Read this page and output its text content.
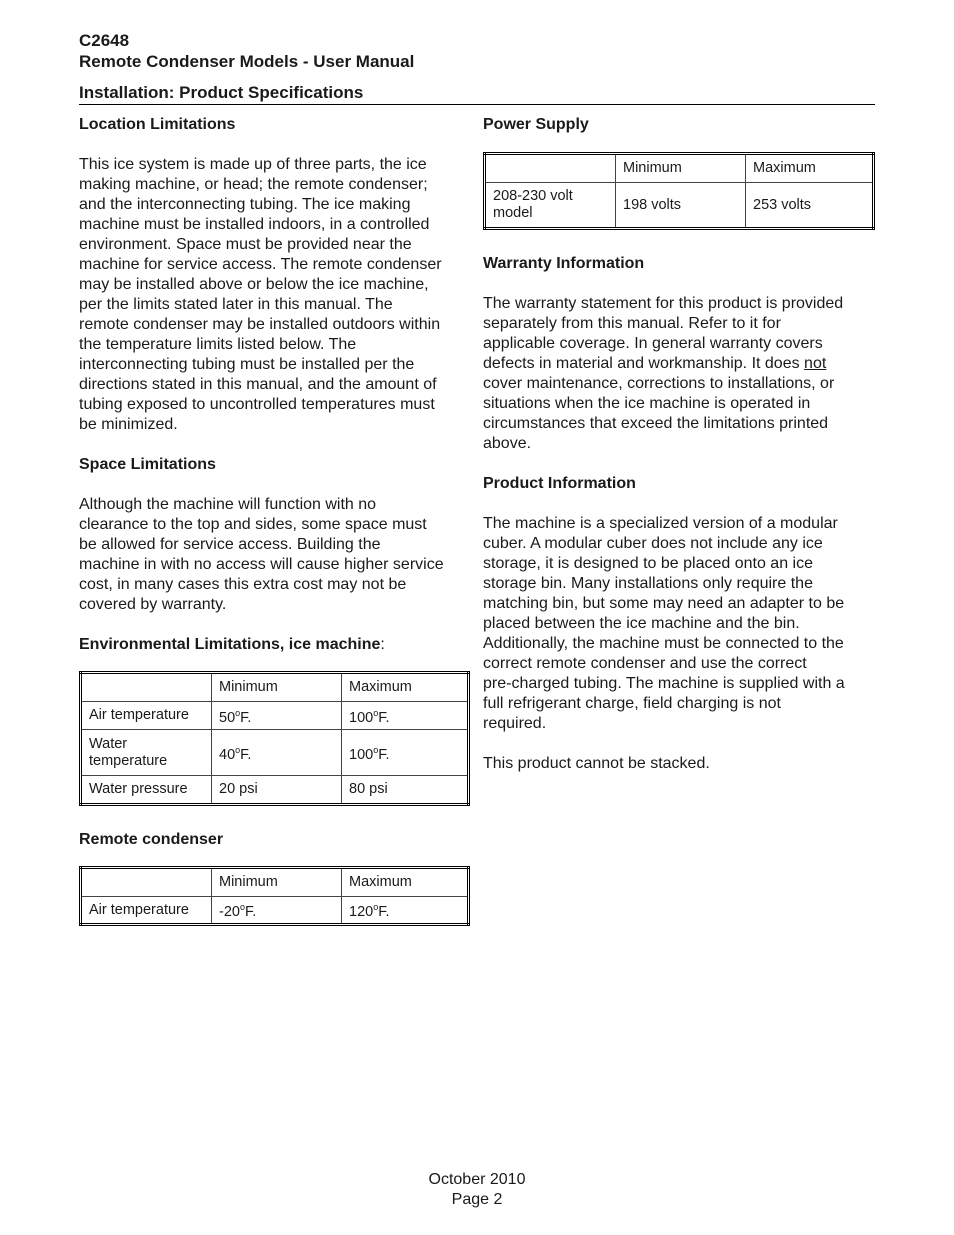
C2648
Remote Condenser Models - User Manual
Installation: Product Specifications
Location Limitations

This ice system is made up of three parts, the ice

making machine, or head; the remote condenser;

and the interconnecting tubing. The ice making

machine must be installed indoors, in a controlled

environment. Space must be provided near the

machine for service access. The remote condenser

may be installed above or below the ice machine,

per the limits stated later in this manual. The

remote condenser may be installed outdoors within

the temperature limits listed below. The

interconnecting tubing must be installed per the

directions stated in this manual, and the amount of

tubing exposed to uncontrolled temperatures must

be minimized.

Space Limitations

Although the machine will function with no

clearance to the top and sides, some space must

be allowed for service access. Building the

machine in with no access will cause higher service

cost, in many cases this extra cost may not be

covered by warranty.

Environmental Limitations, ice machine:
	Minimum	Maximum
Air temperature	50$^o$F.	100$^o$F.
Water temperature	40$^o$F.	100$^o$F.
Water pressure	20 psi	80 psi
Remote condenser
	Minimum	Maximum
Air temperature	-20$^o$F.	120$^o$F.
Power Supply
	Minimum	Maximum
208-230 volt model	198 volts	253 volts
Warranty Information

The warranty statement for this product is provided

separately from this manual. Refer to it for

applicable coverage. In general warranty covers

defects in material and workmanship. It does not

cover maintenance, corrections to installations, or

situations when the ice machine is operated in

circumstances that exceed the limitations printed

above.

Product Information

The machine is a specialized version of a modular

cuber. A modular cuber does not include any ice

storage, it is designed to be placed onto an ice

storage bin. Many installations only require the

matching bin, but some may need an adapter to be

placed between the ice machine and the bin.

Additionally, the machine must be connected to the

correct remote condenser and use the correct

pre-charged tubing. The machine is supplied with a

full refrigerant charge, field charging is not

required.

This product cannot be stacked.

October 2010
Page 2
